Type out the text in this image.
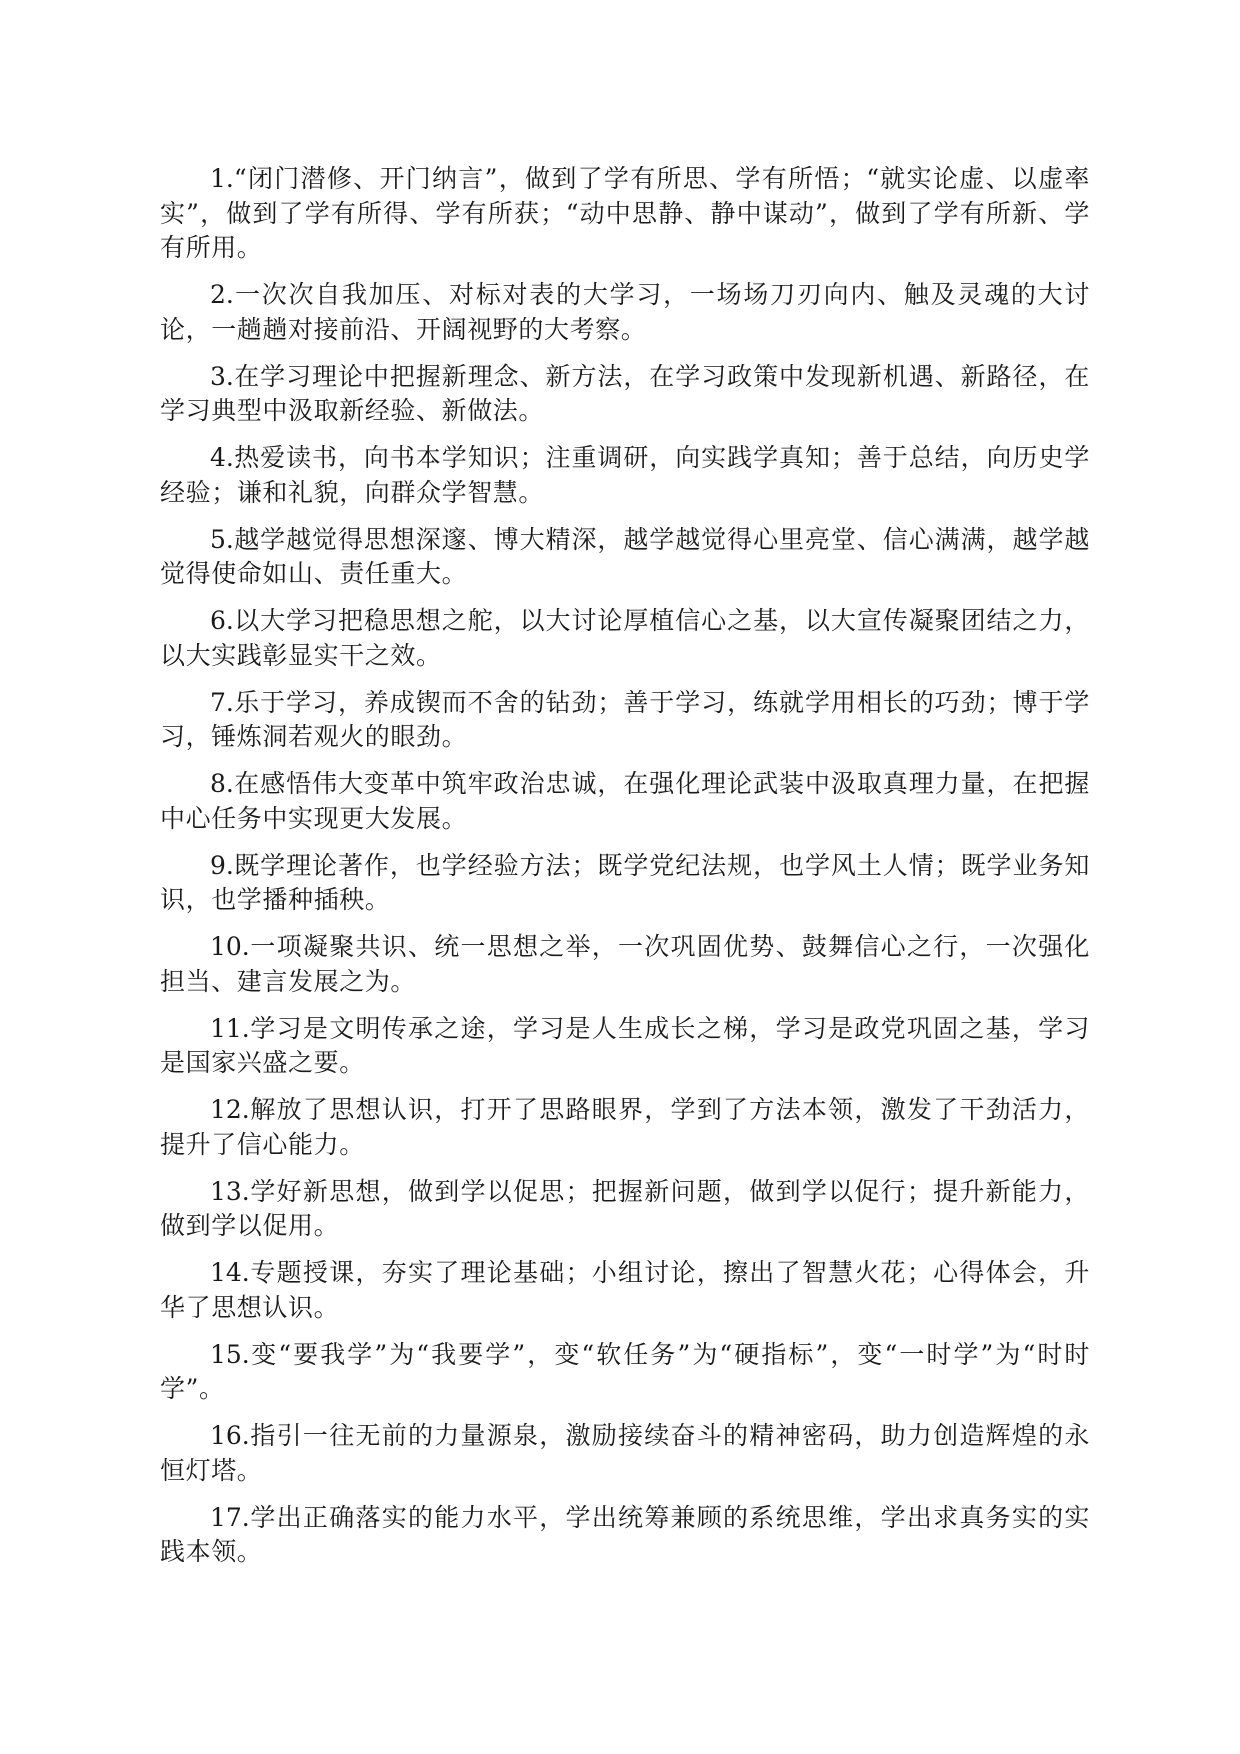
1.“闭门潜修、开门纳言”，做到了学有所思、学有所悟；“就实论虚、以虚率实”，做到了学有所得、学有所获；“动中思静、静中谋动”，做到了学有所新、学有所用。

2.一次次自我加压、对标对表的大学习，一场场刀刃向内、触及灵魂的大讨论，一趟趟对接前沿、开阔视野的大考察。

3.在学习理论中把握新理念、新方法，在学习政策中发现新机遇、新路径，在学习典型中汲取新经验、新做法。

4.热爱读书，向书本学知识；注重调研，向实践学真知；善于总结，向历史学经验；谦和礼貌，向群众学智慧。

5.越学越觉得思想深邃、博大精深，越学越觉得心里亮堂、信心满满，越学越觉得使命如山、责任重大。

6.以大学习把稳思想之舵，以大讨论厚植信心之基，以大宣传凝聚团结之力，以大实践彰显实干之效。

7.乐于学习，养成锲而不舍的钻劲；善于学习，练就学用相长的巧劲；博于学习，锤炼洞若观火的眼劲。

8.在感悟伟大变革中筑牢政治忠诚，在强化理论武装中汲取真理力量，在把握中心任务中实现更大发展。

9.既学理论著作，也学经验方法；既学党纪法规，也学风土人情；既学业务知识，也学播种插秧。

10.一项凝聚共识、统一思想之举，一次巩固优势、鼓舞信心之行，一次强化担当、建言发展之为。

11.学习是文明传承之途，学习是人生成长之梯，学习是政党巩固之基，学习是国家兴盛之要。

12.解放了思想认识，打开了思路眼界，学到了方法本领，激发了干劲活力，提升了信心能力。

13.学好新思想，做到学以促思；把握新问题，做到学以促行；提升新能力，做到学以促用。

14.专题授课，夯实了理论基础；小组讨论，擦出了智慧火花；心得体会，升华了思想认识。

15.变“要我学”为“我要学”，变“软任务”为“硬指标”，变“一时学”为“时时学”。

16.指引一往无前的力量源泉，激励接续奋斗的精神密码，助力创造辉煌的永恒灯塔。

17.学出正确落实的能力水平，学出统筹兼顾的系统思维，学出求真务实的实践本领。
